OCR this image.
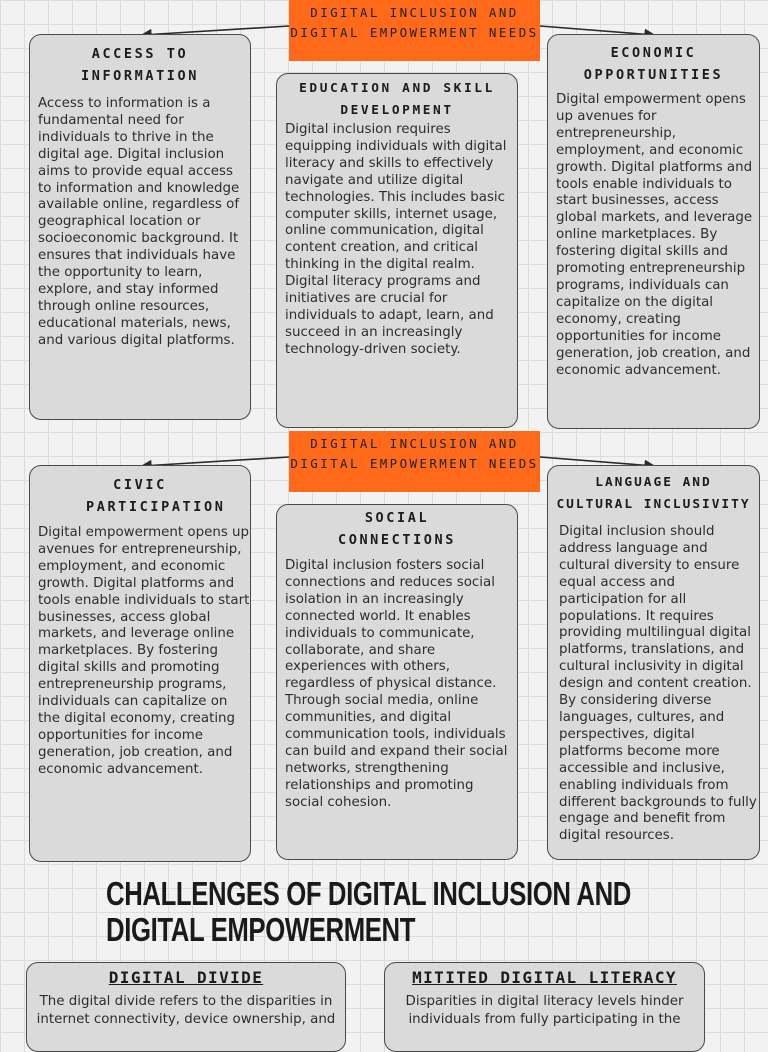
DIGITAL INCLUSION AND DIGITAL EMPOWERMENT NEEDS
ACCESS TO INFORMATION

Access to information is a fundamental need for individuals to thrive in the digital age. Digital inclusion aims to provide equal access to information and knowledge available online, regardless of geographical location or socioeconomic background. It ensures that individuals have the opportunity to learn, explore, and stay informed through online resources, educational materials, news, and various digital platforms.

EDUCATION AND SKILL DEVELOPMENT

Digital inclusion requires equipping individuals with digital literacy and skills to effectively navigate and utilize digital technologies. This includes basic computer skills, internet usage, online communication, digital content creation, and critical thinking in the digital realm. Digital literacy programs and initiatives are crucial for individuals to adapt, learn, and succeed in an increasingly technology-driven society.

ECONOMIC OPPORTUNITIES

Digital empowerment opens up avenues for entrepreneurship, employment, and economic growth. Digital platforms and tools enable individuals to start businesses, access global markets, and leverage online marketplaces. By fostering digital skills and promoting entrepreneurship programs, individuals can capitalize on the digital economy, creating opportunities for income generation, job creation, and economic advancement.

DIGITAL INCLUSION AND DIGITAL EMPOWERMENT NEEDS
CIVIC PARTICIPATION

Digital empowerment opens up avenues for entrepreneurship, employment, and economic growth. Digital platforms and tools enable individuals to start businesses, access global markets, and leverage online marketplaces. By fostering digital skills and promoting entrepreneurship programs, individuals can capitalize on the digital economy, creating opportunities for income generation, job creation, and economic advancement.

SOCIAL CONNECTIONS

Digital inclusion fosters social connections and reduces social isolation in an increasingly connected world. It enables individuals to communicate, collaborate, and share experiences with others, regardless of physical distance. Through social media, online communities, and digital communication tools, individuals can build and expand their social networks, strengthening relationships and promoting social cohesion.

LANGUAGE AND CULTURAL INCLUSIVITY

Digital inclusion should address language and cultural diversity to ensure equal access and participation for all populations. It requires providing multilingual digital platforms, translations, and cultural inclusivity in digital design and content creation. By considering diverse languages, cultures, and perspectives, digital platforms become more accessible and inclusive, enabling individuals from different backgrounds to fully engage and benefit from digital resources.

CHALLENGES OF DIGITAL INCLUSION AND DIGITAL EMPOWERMENT
DIGITAL DIVIDE
The digital divide refers to the disparities in internet connectivity, device ownership, and
MITITED DIGITAL LITERACY
Disparities in digital literacy levels hinder individuals from fully participating in the
